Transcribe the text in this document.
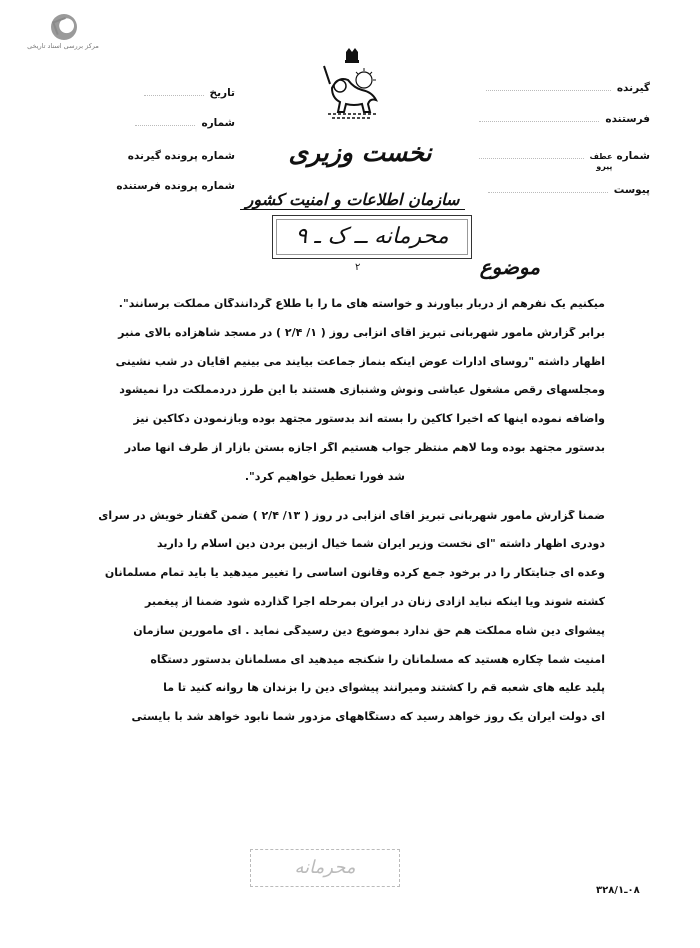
مرکز بررسی اسناد تاریخی
تاریخ
شماره
شماره پرونده گیرنده
شماره پرونده فرستنده
گیرنده
فرستنده
شماره
عطف
پیرو
پیوست
نخست وزیری
سازمان اطلاعات و امنیت کشور
محرمانه ــ ک ـ ۹
۲	موضوع
میکنیم یک نفرهم از دربار بیاورند و خواسته های ما را با طلاع گردانندگان مملکت برسانند".
برابر گزارش مأمور شهربانی تبریز آقای انزابی روز ( ۱/ ۲/۴ ) در مسجد شاهزاده بالای منبر
اظهار داشته "روسای ادارات عوض اینکه بنماز جماعت بیایند می بینیم آقایان در شب نشینی
ومجلسهای رقص مشغول عیاشی ونوش وشنبازی هستند با این طرز دردمملکت درا نمیشود
واضافه نموده اینها که اخیراً کاکین را بسته اند بدستور مجتهد بوده وبازنمودن دکاکین نیز
بدستور مجتهد بوده وما لاهم منتظر جواب هستیم اگر اجازه بستن بازار از طرف آنها صادر
شد فوراً تعطیل خواهیم کرد".
ضمناً گزارش مأمور شهربانی تبریز آقای انزابی در روز ( ۱۳/ ۲/۴ ) ضمن گفتار خویش در سرای
دودری اظهار داشته "ای نخست وزیر ایران شما خیال ازبین بردن دین اسلام را دارید
وعده ای جنایتکار را در برخود جمع کرده وقانون اساسی را تغییر میدهید یا باید تمام مسلمانان
کشته شوند ویا اینکه نباید آزادی زنان در ایران بمرحله اجرا گذارده شود ضمناً از پیغمبر
پیشوای دین شاه مملکت هم حق ندارد بموضوع دین رسیدگی نماید . ای مأمورین سازمان
امنیت شما چکاره هستید که مسلمانان را شکنجه میدهید ای مسلمانان بدستور دستگاه
پلید علیه های شعبه قم را کشتند ومیرانند پیشوای دین را بزندان ها روانه کنید تا ما
ای دولت ایران یک روز خواهد رسید که دستگاههای مزدور شما نابود خواهد شد با بایستی
محرمانه
۰۸ـ۳۲۸/۱
